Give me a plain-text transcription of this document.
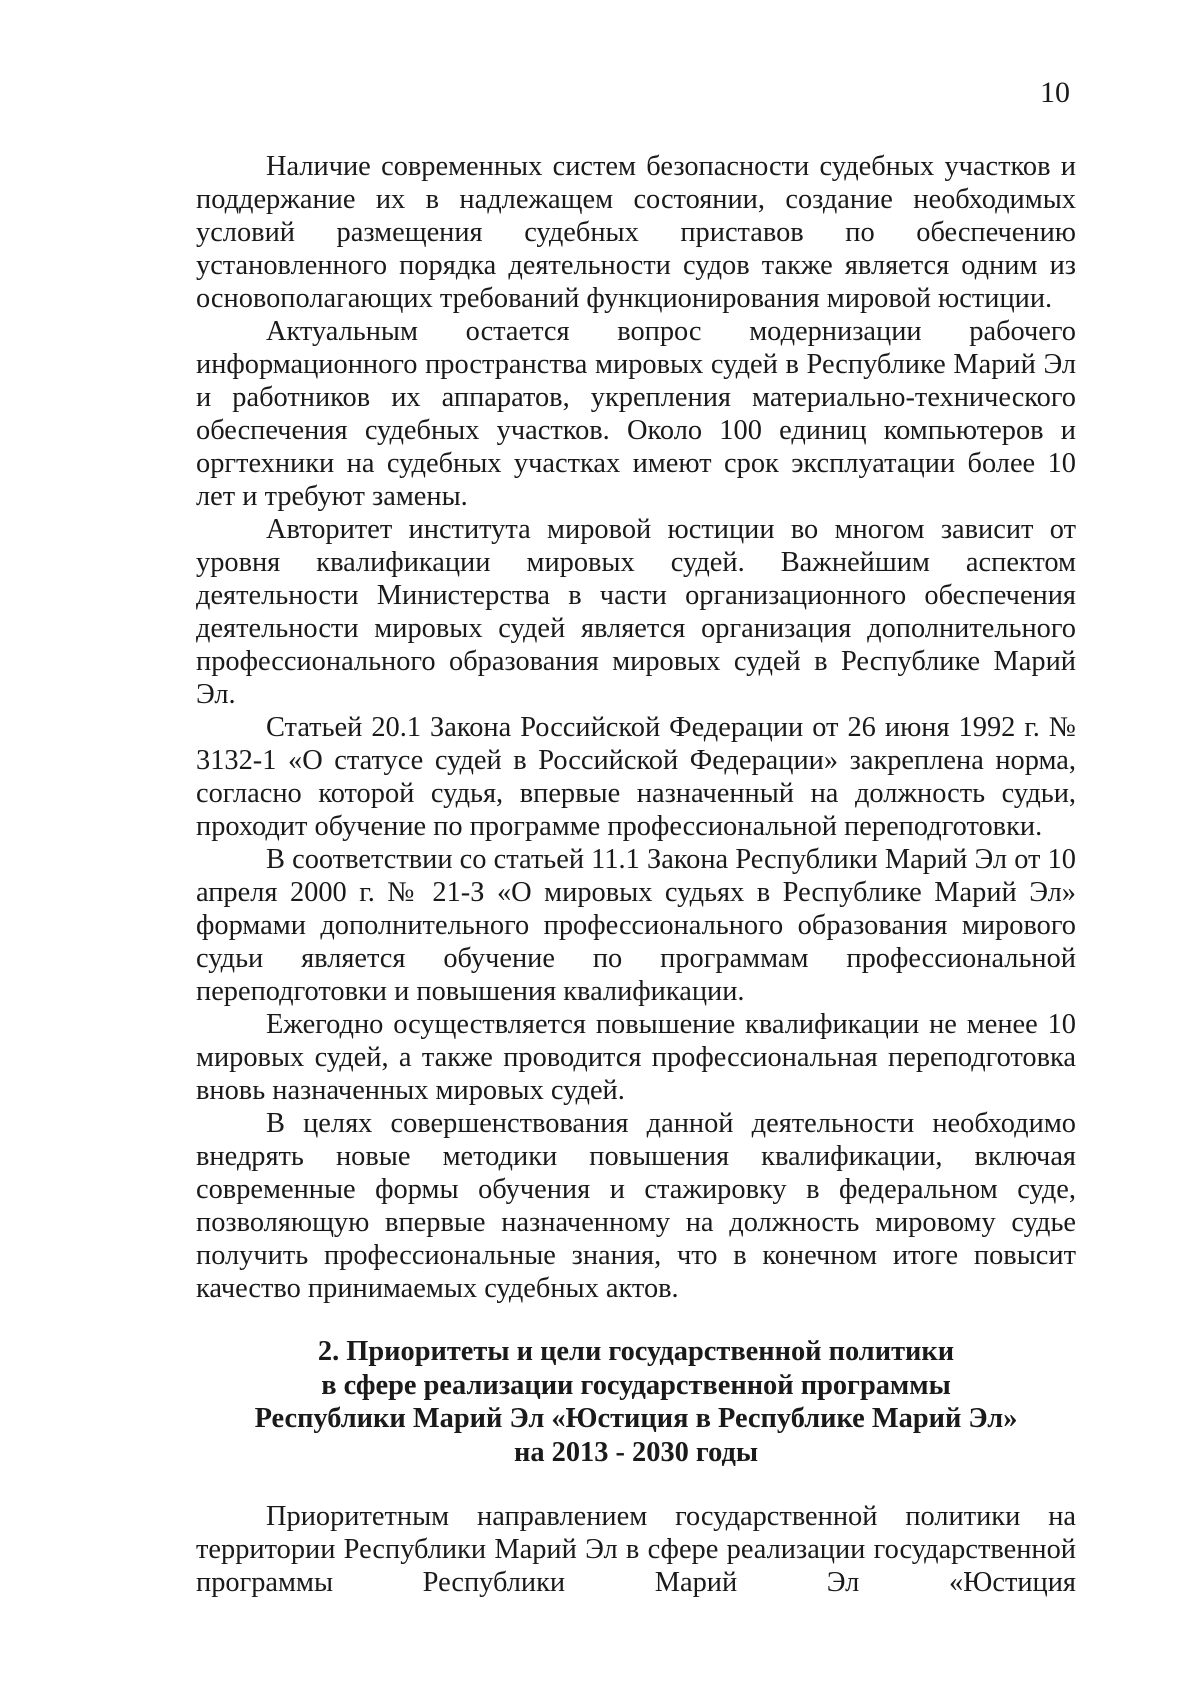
10

Наличие современных систем безопасности судебных участков и поддержание их в надлежащем состоянии, создание необходимых условий размещения судебных приставов по обеспечению установленного порядка деятельности судов также является одним из основополагающих требований функционирования мировой юстиции.

Актуальным остается вопрос модернизации рабочего информационного пространства мировых судей в Республике Марий Эл и работников их аппаратов, укрепления материально-технического обеспечения судебных участков. Около 100 единиц компьютеров и оргтехники на судебных участках имеют срок эксплуатации более 10 лет и требуют замены.

Авторитет института мировой юстиции во многом зависит от уровня квалификации мировых судей. Важнейшим аспектом деятельности Министерства в части организационного обеспечения деятельности мировых судей является организация дополнительного профессионального образования мировых судей в Республике Марий Эл.

Статьей 20.1 Закона Российской Федерации от 26 июня 1992 г. № 3132-1 «О статусе судей в Российской Федерации» закреплена норма, согласно которой судья, впервые назначенный на должность судьи, проходит обучение по программе профессиональной переподготовки.

В соответствии со статьей 11.1 Закона Республики Марий Эл от 10 апреля 2000 г. № 21-З «О мировых судьях в Республике Марий Эл» формами дополнительного профессионального образования мирового судьи является обучение по программам профессиональной переподготовки и повышения квалификации.

Ежегодно осуществляется повышение квалификации не менее 10 мировых судей, а также проводится профессиональная переподготовка вновь назначенных мировых судей.

В целях совершенствования данной деятельности необходимо внедрять новые методики повышения квалификации, включая современные формы обучения и стажировку в федеральном суде, позволяющую впервые назначенному на должность мировому судье получить профессиональные знания, что в конечном итоге повысит качество принимаемых судебных актов.

2. Приоритеты и цели государственной политики
в сфере реализации государственной программы
Республики Марий Эл «Юстиция в Республике Марий Эл»
на 2013 - 2030 годы

Приоритетным направлением государственной политики на территории Республики Марий Эл в сфере реализации государственной программы Республики Марий Эл «Юстиция
